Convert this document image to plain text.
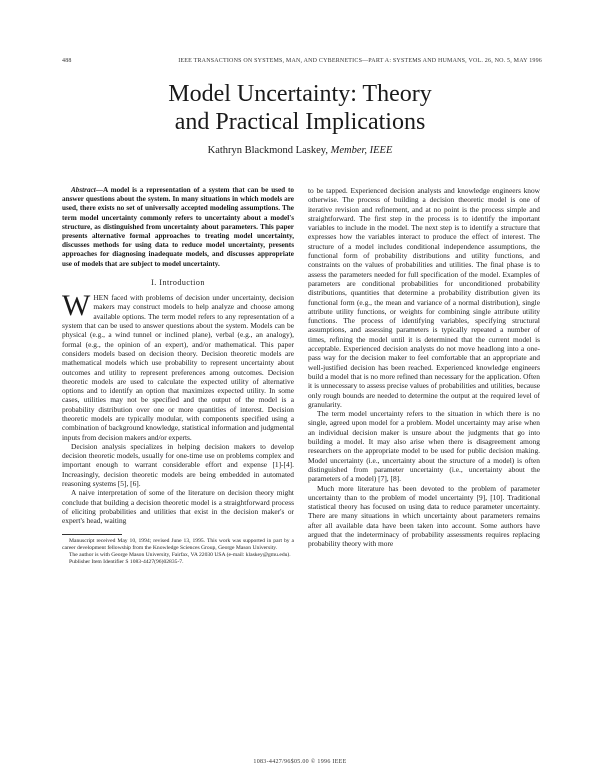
488	IEEE TRANSACTIONS ON SYSTEMS, MAN, AND CYBERNETICS—PART A: SYSTEMS AND HUMANS, VOL. 26, NO. 5, MAY 1996
Model Uncertainty: Theory
and Practical Implications
Kathryn Blackmond Laskey, Member, IEEE

Abstract—A model is a representation of a system that can be used to answer questions about the system. In many situations in which models are used, there exists no set of universally accepted modeling assumptions. The term model uncertainty commonly refers to uncertainty about a model's structure, as distinguished from uncertainty about parameters. This paper presents alternative formal approaches to treating model uncertainty, discusses methods for using data to reduce model uncertainty, presents approaches for diagnosing inadequate models, and discusses appropriate use of models that are subject to model uncertainty.

I. Introduction

WHEN faced with problems of decision under uncertainty, decision makers may construct models to help analyze and choose among available options. The term model refers to any representation of a system that can be used to answer questions about the system. Models can be physical (e.g., a wind tunnel or inclined plane), verbal (e.g., an analogy), formal (e.g., the opinion of an expert), and/or mathematical. This paper considers models based on decision theory. Decision theoretic models are mathematical models which use probability to represent uncertainty about outcomes and utility to represent preferences among outcomes. Decision theoretic models are used to calculate the expected utility of alternative options and to identify an option that maximizes expected utility. In some cases, utilities may not be specified and the output of the model is a probability distribution over one or more quantities of interest. Decision theoretic models are typically modular, with components specified using a combination of background knowledge, statistical information and judgmental inputs from decision makers and/or experts.

Decision analysis specializes in helping decision makers to develop decision theoretic models, usually for one-time use on problems complex and important enough to warrant considerable effort and expense [1]-[4]. Increasingly, decision theoretic models are being embedded in automated reasoning systems [5], [6].

A naive interpretation of some of the literature on decision theory might conclude that building a decision theoretic model is a straightforward process of eliciting probabilities and utilities that exist in the decision maker's or expert's head, waiting

Manuscript received May 10, 1994; revised June 13, 1995. This work was supported in part by a career development fellowship from the Knowledge Sciences Group, George Mason University.

The author is with George Mason University, Fairfax, VA 22030 USA (e-mail: klaskey@gmu.edu).

Publisher Item Identifier S 1083-4427(96)02835-7.

to be tapped. Experienced decision analysts and knowledge engineers know otherwise. The process of building a decision theoretic model is one of iterative revision and refinement, and at no point is the process simple and straightforward. The first step in the process is to identify the important variables to include in the model. The next step is to identify a structure that expresses how the variables interact to produce the effect of interest. The structure of a model includes conditional independence assumptions, the functional form of probability distributions and utility functions, and constraints on the values of probabilities and utilities. The final phase is to assess the parameters needed for full specification of the model. Examples of parameters are conditional probabilities for unconditioned probability distributions, quantities that determine a probability distribution given its functional form (e.g., the mean and variance of a normal distribution), single attribute utility functions, or weights for combining single attribute utility functions. The process of identifying variables, specifying structural assumptions, and assessing parameters is typically repeated a number of times, refining the model until it is determined that the current model is acceptable. Experienced decision analysts do not move headlong into a one-pass way for the decision maker to feel comfortable that an appropriate and well-justified decision has been reached. Experienced knowledge engineers build a model that is no more refined than necessary for the application. Often it is unnecessary to assess precise values of probabilities and utilities, because only rough bounds are needed to determine the output at the required level of granularity.

The term model uncertainty refers to the situation in which there is no single, agreed upon model for a problem. Model uncertainty may arise when an individual decision maker is unsure about the judgments that go into building a model. It may also arise when there is disagreement among researchers on the appropriate model to be used for public decision making. Model uncertainty (i.e., uncertainty about the structure of a model) is often distinguished from parameter uncertainty (i.e., uncertainty about the parameters of a model) [7], [8].

Much more literature has been devoted to the problem of parameter uncertainty than to the problem of model uncertainty [9], [10]. Traditional statistical theory has focused on using data to reduce parameter uncertainty. There are many situations in which uncertainty about parameters remains after all available data have been taken into account. Some authors have argued that the indeterminacy of probability assessments requires replacing probability theory with more

1083-4427/96$05.00 © 1996 IEEE
